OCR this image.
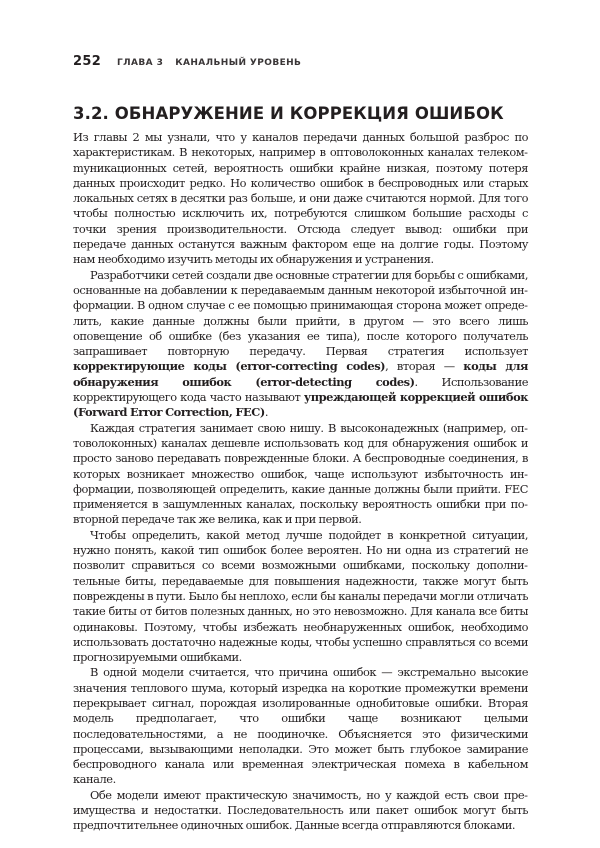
252 ГЛАВА 3 КАНАЛЬНЫЙ УРОВЕНЬ
3.2. ОБНАРУЖЕНИЕ И КОРРЕКЦИЯ ОШИБОК

Из главы 2 мы узнали, что у каналов передачи данных большой разброс по характеристикам. В некоторых, например в оптоволоконных каналах телекомmуникационных сетей, вероятность ошибки крайне низкая, поэтому потеря данных происходит редко. Но количество ошибок в беспроводных или старых локальных сетях в десятки раз больше, и они даже считаются нормой. Для того чтобы полностью исключить их, потребуются слишком большие расходы с точки зрения производительности. Отсюда следует вывод: ошибки при передаче данных останутся важным фактором еще на долгие годы. Поэтому нам необходимо изучить методы их обнаружения и устранения.

Разработчики сетей создали две основные стратегии для борьбы с ошибками, основанные на добавлении к передаваемым данным некоторой избыточной информации. В одном случае с ее помощью принимающая сторона может определить, какие данные должны были прийти, в другом — это всего лишь оповещение об ошибке (без указания ее типа), после которого получатель запрашивает повторную передачу. Первая стратегия использует корректирующие коды (error-correcting codes), вторая — коды для обнаружения ошибок (error-detecting codes). Использование корректирующего кода часто называют упреждающей коррекцией ошибок (Forward Error Correction, FEC).

Каждая стратегия занимает свою нишу. В высоконадежных (например, оптоволоконных) каналах дешевле использовать код для обнаружения ошибок и просто заново передавать поврежденные блоки. А беспроводные соединения, в которых возникает множество ошибок, чаще используют избыточность информации, позволяющей определить, какие данные должны были прийти. FEC применяется в зашумленных каналах, поскольку вероятность ошибки при повторной передаче так же велика, как и при первой.

Чтобы определить, какой метод лучше подойдет в конкретной ситуации, нужно понять, какой тип ошибок более вероятен. Но ни одна из стратегий не позволит справиться со всеми возможными ошибками, поскольку дополнительные биты, передаваемые для повышения надежности, также могут быть повреждены в пути. Было бы неплохо, если бы каналы передачи могли отличать такие биты от битов полезных данных, но это невозможно. Для канала все биты одинаковы. Поэтому, чтобы избежать необнаруженных ошибок, необходимо использовать достаточно надежные коды, чтобы успешно справляться со всеми прогнозируемыми ошибками.

В одной модели считается, что причина ошибок — экстремально высокие значения теплового шума, который изредка на короткие промежутки времени перекрывает сигнал, порождая изолированные однобитовые ошибки. Вторая модель предполагает, что ошибки чаще возникают целыми последовательностями, а не поодиночке. Объясняется это физическими процессами, вызывающими неполадки. Это может быть глубокое замирание беспроводного канала или временная электрическая помеха в кабельном канале.

Обе модели имеют практическую значимость, но у каждой есть свои преимущества и недостатки. Последовательность или пакет ошибок могут быть предпочтительнее одиночных ошибок. Данные всегда отправляются блоками.
